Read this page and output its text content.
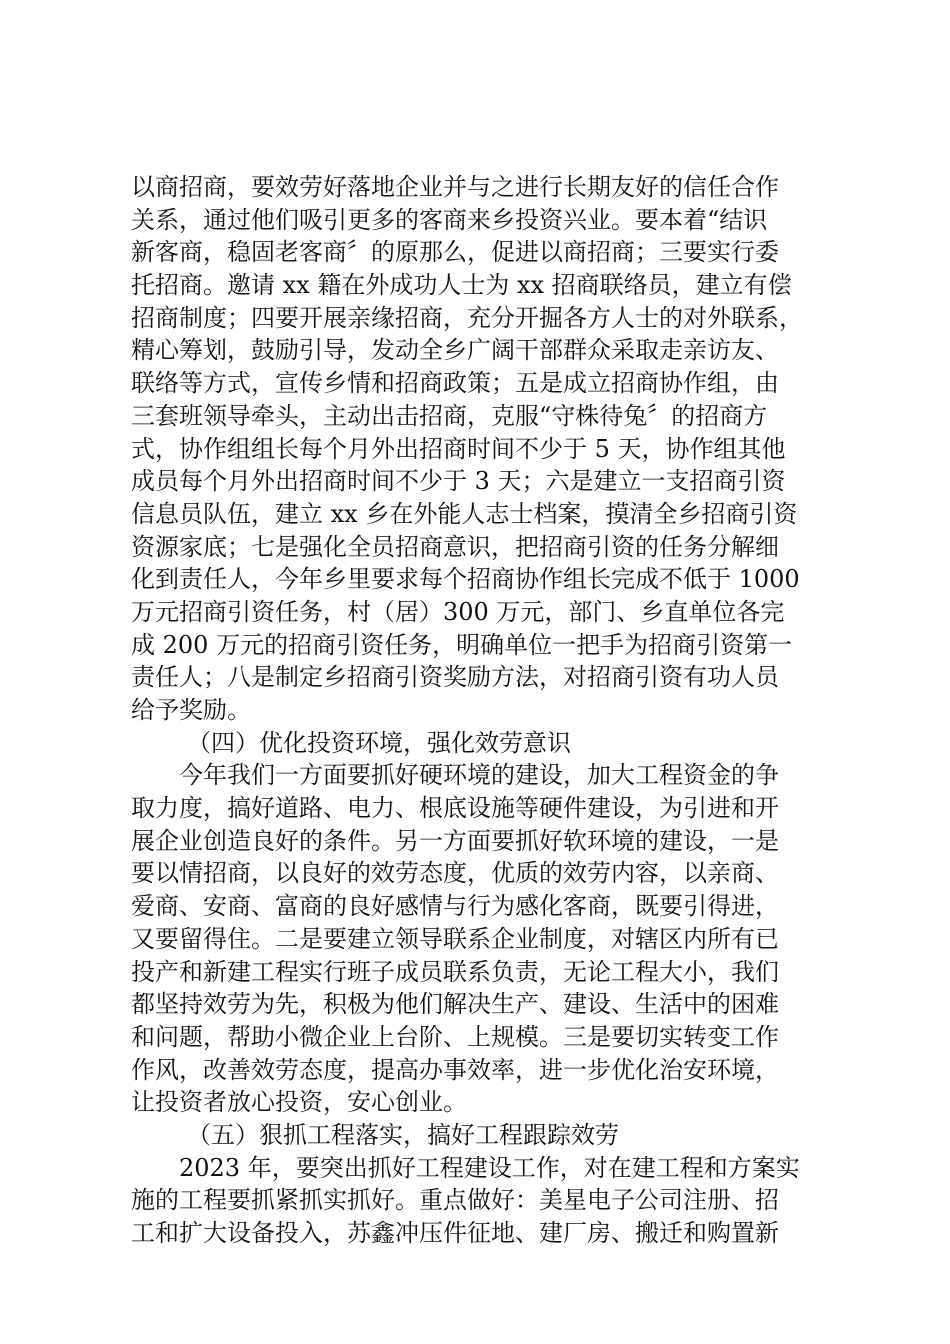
以商招商，要效劳好落地企业并与之进行长期友好的信任合作
关系，通过他们吸引更多的客商来乡投资兴业。要本着“结识
新客商，稳固老客商〞的原那么，促进以商招商；三要实行委
托招商。邀请 xx 籍在外成功人士为 xx 招商联络员，建立有偿
招商制度；四要开展亲缘招商，充分开掘各方人士的对外联系，
精心筹划，鼓励引导，发动全乡广阔干部群众采取走亲访友、
联络等方式，宣传乡情和招商政策；五是成立招商协作组，由
三套班领导牵头，主动出击招商，克服“守株待兔〞的招商方
式，协作组组长每个月外出招商时间不少于 5 天，协作组其他
成员每个月外出招商时间不少于 3 天；六是建立一支招商引资
信息员队伍，建立 xx 乡在外能人志士档案，摸清全乡招商引资
资源家底；七是强化全员招商意识，把招商引资的任务分解细
化到责任人，今年乡里要求每个招商协作组长完成不低于 1000
万元招商引资任务，村（居）300 万元，部门、乡直单位各完
成 200 万元的招商引资任务，明确单位一把手为招商引资第一
责任人；八是制定乡招商引资奖励方法，对招商引资有功人员
给予奖励。
（四）优化投资环境，强化效劳意识
今年我们一方面要抓好硬环境的建设，加大工程资金的争
取力度，搞好道路、电力、根底设施等硬件建设，为引进和开
展企业创造良好的条件。另一方面要抓好软环境的建设，一是
要以情招商，以良好的效劳态度，优质的效劳内容，以亲商、
爱商、安商、富商的良好感情与行为感化客商，既要引得进，
又要留得住。二是要建立领导联系企业制度，对辖区内所有已
投产和新建工程实行班子成员联系负责，无论工程大小，我们
都坚持效劳为先，积极为他们解决生产、建设、生活中的困难
和问题，帮助小微企业上台阶、上规模。三是要切实转变工作
作风，改善效劳态度，提高办事效率，进一步优化治安环境，
让投资者放心投资，安心创业。
（五）狠抓工程落实，搞好工程跟踪效劳
2023 年，要突出抓好工程建设工作，对在建工程和方案实
施的工程要抓紧抓实抓好。重点做好：美星电子公司注册、招
工和扩大设备投入，苏鑫冲压件征地、建厂房、搬迁和购置新
